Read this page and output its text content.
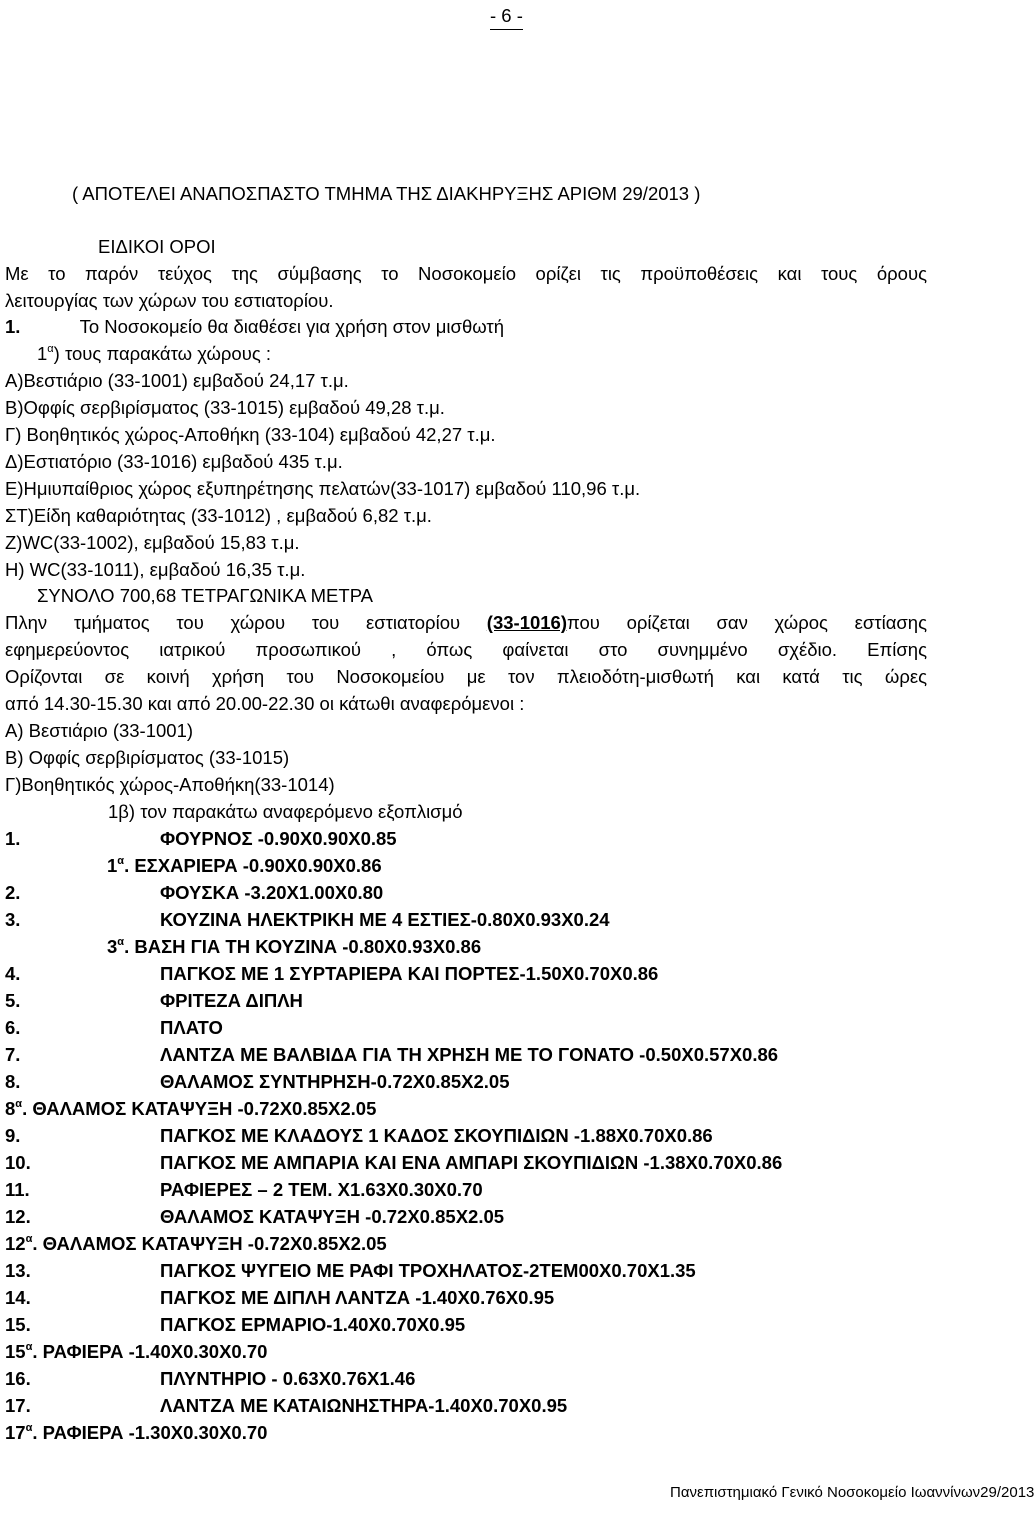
- 6 -
( ΑΠΟΤΕΛΕΙ ΑΝΑΠΟΣΠΑΣΤΟ ΤΜΗΜΑ ΤΗΣ ΔΙΑΚΗΡΥΞΗΣ ΑΡΙΘΜ 29/2013 )
ΕΙΔΙΚΟΙ ΟΡΟΙ
Με το παρόν τεύχος της σύμβασης το Νοσοκομείο ορίζει τις προϋποθέσεις και τους όρους
λειτουργίας των χώρων του εστιατορίου.
1.	Το Νοσοκομείο θα διαθέσει για χρήση στον μισθωτή
$1^\alpha$) τους παρακάτω χώρους :
Α)Βεστιάριο (33-1001) εμβαδού 24,17 τ.μ.
Β)Οφφίς σερβιρίσματος (33-1015) εμβαδού 49,28 τ.μ.
Γ) Βοηθητικός χώρος-Αποθήκη (33-104) εμβαδού 42,27 τ.μ.
Δ)Εστιατόριο (33-1016) εμβαδού 435 τ.μ.
Ε)Ημιυπαίθριος χώρος εξυπηρέτησης πελατών(33-1017) εμβαδού 110,96 τ.μ.
ΣΤ)Είδη καθαριότητας (33-1012) , εμβαδού 6,82 τ.μ.
Ζ)WC(33-1002), εμβαδού 15,83 τ.μ.
Η) WC(33-1011), εμβαδού 16,35 τ.μ.
ΣΥΝΟΛΟ 700,68 ΤΕΤΡΑΓΩΝΙΚΑ ΜΕΤΡΑ
Πλην τμήματος του χώρου του εστιατορίου (33-1016)που ορίζεται σαν χώρος εστίασης
εφημερεύοντος ιατρικού προσωπικού , όπως φαίνεται στο συνημμένο σχέδιο. Επίσης
Ορίζονται σε κοινή χρήση του Νοσοκομείου με τον πλειοδότη-μισθωτή και κατά τις ώρες
από 14.30-15.30 και από 20.00-22.30 οι κάτωθι αναφερόμενοι :
Α) Βεστιάριο (33-1001)
Β) Οφφίς σερβιρίσματος (33-1015)
Γ)Βοηθητικός χώρος-Αποθήκη(33-1014)
1β) τον παρακάτω αναφερόμενο εξοπλισμό
1.	ΦΟΥΡΝΟΣ -0.90Χ0.90Χ0.85
$1^\alpha$. ΕΣΧΑΡΙΕΡΑ -0.90Χ0.90Χ0.86
2.	ΦΟΥΣΚΑ -3.20Χ1.00Χ0.80
3.	ΚΟΥΖΙΝΑ ΗΛΕΚΤΡΙΚΗ ΜΕ 4 ΕΣΤΙΕΣ-0.80Χ0.93Χ0.24
$3^\alpha$. ΒΑΣΗ ΓΙΑ ΤΗ ΚΟΥΖΙΝΑ -0.80Χ0.93Χ0.86
4.	ΠΑΓΚΟΣ ΜΕ 1 ΣΥΡΤΑΡΙΕΡΑ ΚΑΙ ΠΟΡΤΕΣ-1.50Χ0.70Χ0.86
5.	ΦΡΙΤΕΖΑ ΔΙΠΛΗ
6.	ΠΛΑΤΟ
7.	ΛΑΝΤΖΑ ΜΕ ΒΑΛΒΙΔΑ ΓΙΑ ΤΗ ΧΡΗΣΗ ΜΕ ΤΟ ΓΟΝΑΤΟ -0.50Χ0.57Χ0.86
8.	ΘΑΛΑΜΟΣ ΣΥΝΤΗΡΗΣΗ-0.72Χ0.85Χ2.05
$8^\alpha$. ΘΑΛΑΜΟΣ ΚΑΤΑΨΥΞΗ -0.72Χ0.85Χ2.05
9.	ΠΑΓΚΟΣ ΜΕ ΚΛΑΔΟΥΣ 1 ΚΑΔΟΣ ΣΚΟΥΠΙΔΙΩΝ -1.88Χ0.70Χ0.86
10.	ΠΑΓΚΟΣ ΜΕ ΑΜΠΑΡΙΑ ΚΑΙ ΕΝΑ ΑΜΠΑΡΙ ΣΚΟΥΠΙΔΙΩΝ -1.38Χ0.70Χ0.86
11.	ΡΑΦΙΕΡΕΣ – 2 ΤΕΜ. Χ1.63Χ0.30Χ0.70
12.	ΘΑΛΑΜΟΣ ΚΑΤΑΨΥΞΗ -0.72Χ0.85Χ2.05
$12^\alpha$. ΘΑΛΑΜΟΣ ΚΑΤΑΨΥΞΗ -0.72Χ0.85Χ2.05
13.	ΠΑΓΚΟΣ ΨΥΓΕΙΟ ΜΕ ΡΑΦΙ ΤΡΟΧΗΛΑΤΟΣ-2ΤΕΜ00Χ0.70Χ1.35
14.	ΠΑΓΚΟΣ ΜΕ ΔΙΠΛΗ ΛΑΝΤΖΑ -1.40Χ0.76Χ0.95
15.	ΠΑΓΚΟΣ ΕΡΜΑΡΙΟ-1.40Χ0.70Χ0.95
$15^\alpha$. ΡΑΦΙΕΡΑ -1.40Χ0.30Χ0.70
16.	ΠΛΥΝΤΗΡΙΟ - 0.63Χ0.76Χ1.46
17.	ΛΑΝΤΖΑ ΜΕ ΚΑΤΑΙΩΝΗΣΤΗΡΑ-1.40Χ0.70Χ0.95
$17^\alpha$. ΡΑΦΙΕΡΑ -1.30Χ0.30Χ0.70
Πανεπιστημιακό Γενικό Νοσοκομείο Ιωαννίνων29/2013
